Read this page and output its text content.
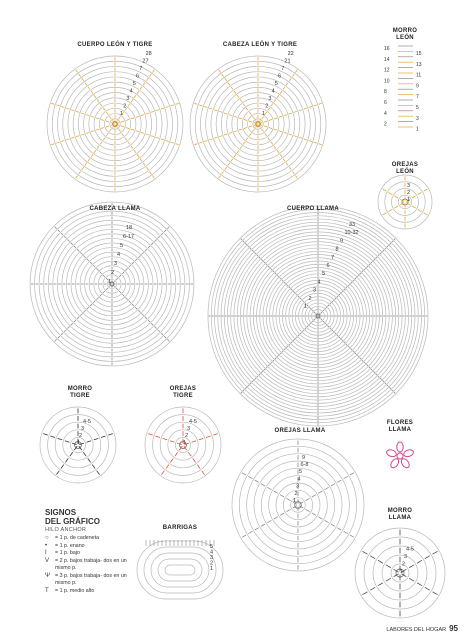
1
2
3
4
5
6
7
27
28
1
2
3
4
5
6
7
21
22
16
14
12
10
8
6
4
2
15
13
11
9
7
5
3
1
1
2
3
1
2
3
4
5
6-17
18
1
2
3
4
5
6
7
8
9
10-32
33
1
2
3
4-5
1
2
3
4-5
1
2
3
4
5
6-8
9
1
2
3
4-5
1
2
3
4
5
CUERPO LEÓN Y TIGRE	CABEZA LEÓN Y TIGRE
MORRO
LEÓN
OREJAS
LEÓN
CABEZA LLAMA	CUERPO LLAMA
MORRO
TIGRE
OREJAS
TIGRE
OREJAS LLAMA
FLORES
LLAMA
BARRIGAS
MORRO
LLAMA
SIGNOS
DEL GRÁFICO
HILO ANCHOR
○	= 1 p. de cadeneta
•	= 1 p. enano
I	= 1 p. bajo
V	= 2 p. bajos trabaja- dos en un mismo p.
Ψ = 3 p. bajos trabaja- dos en un mismo p.
T	= 1 p. medio alto
LABORES DEL HOGAR 95
